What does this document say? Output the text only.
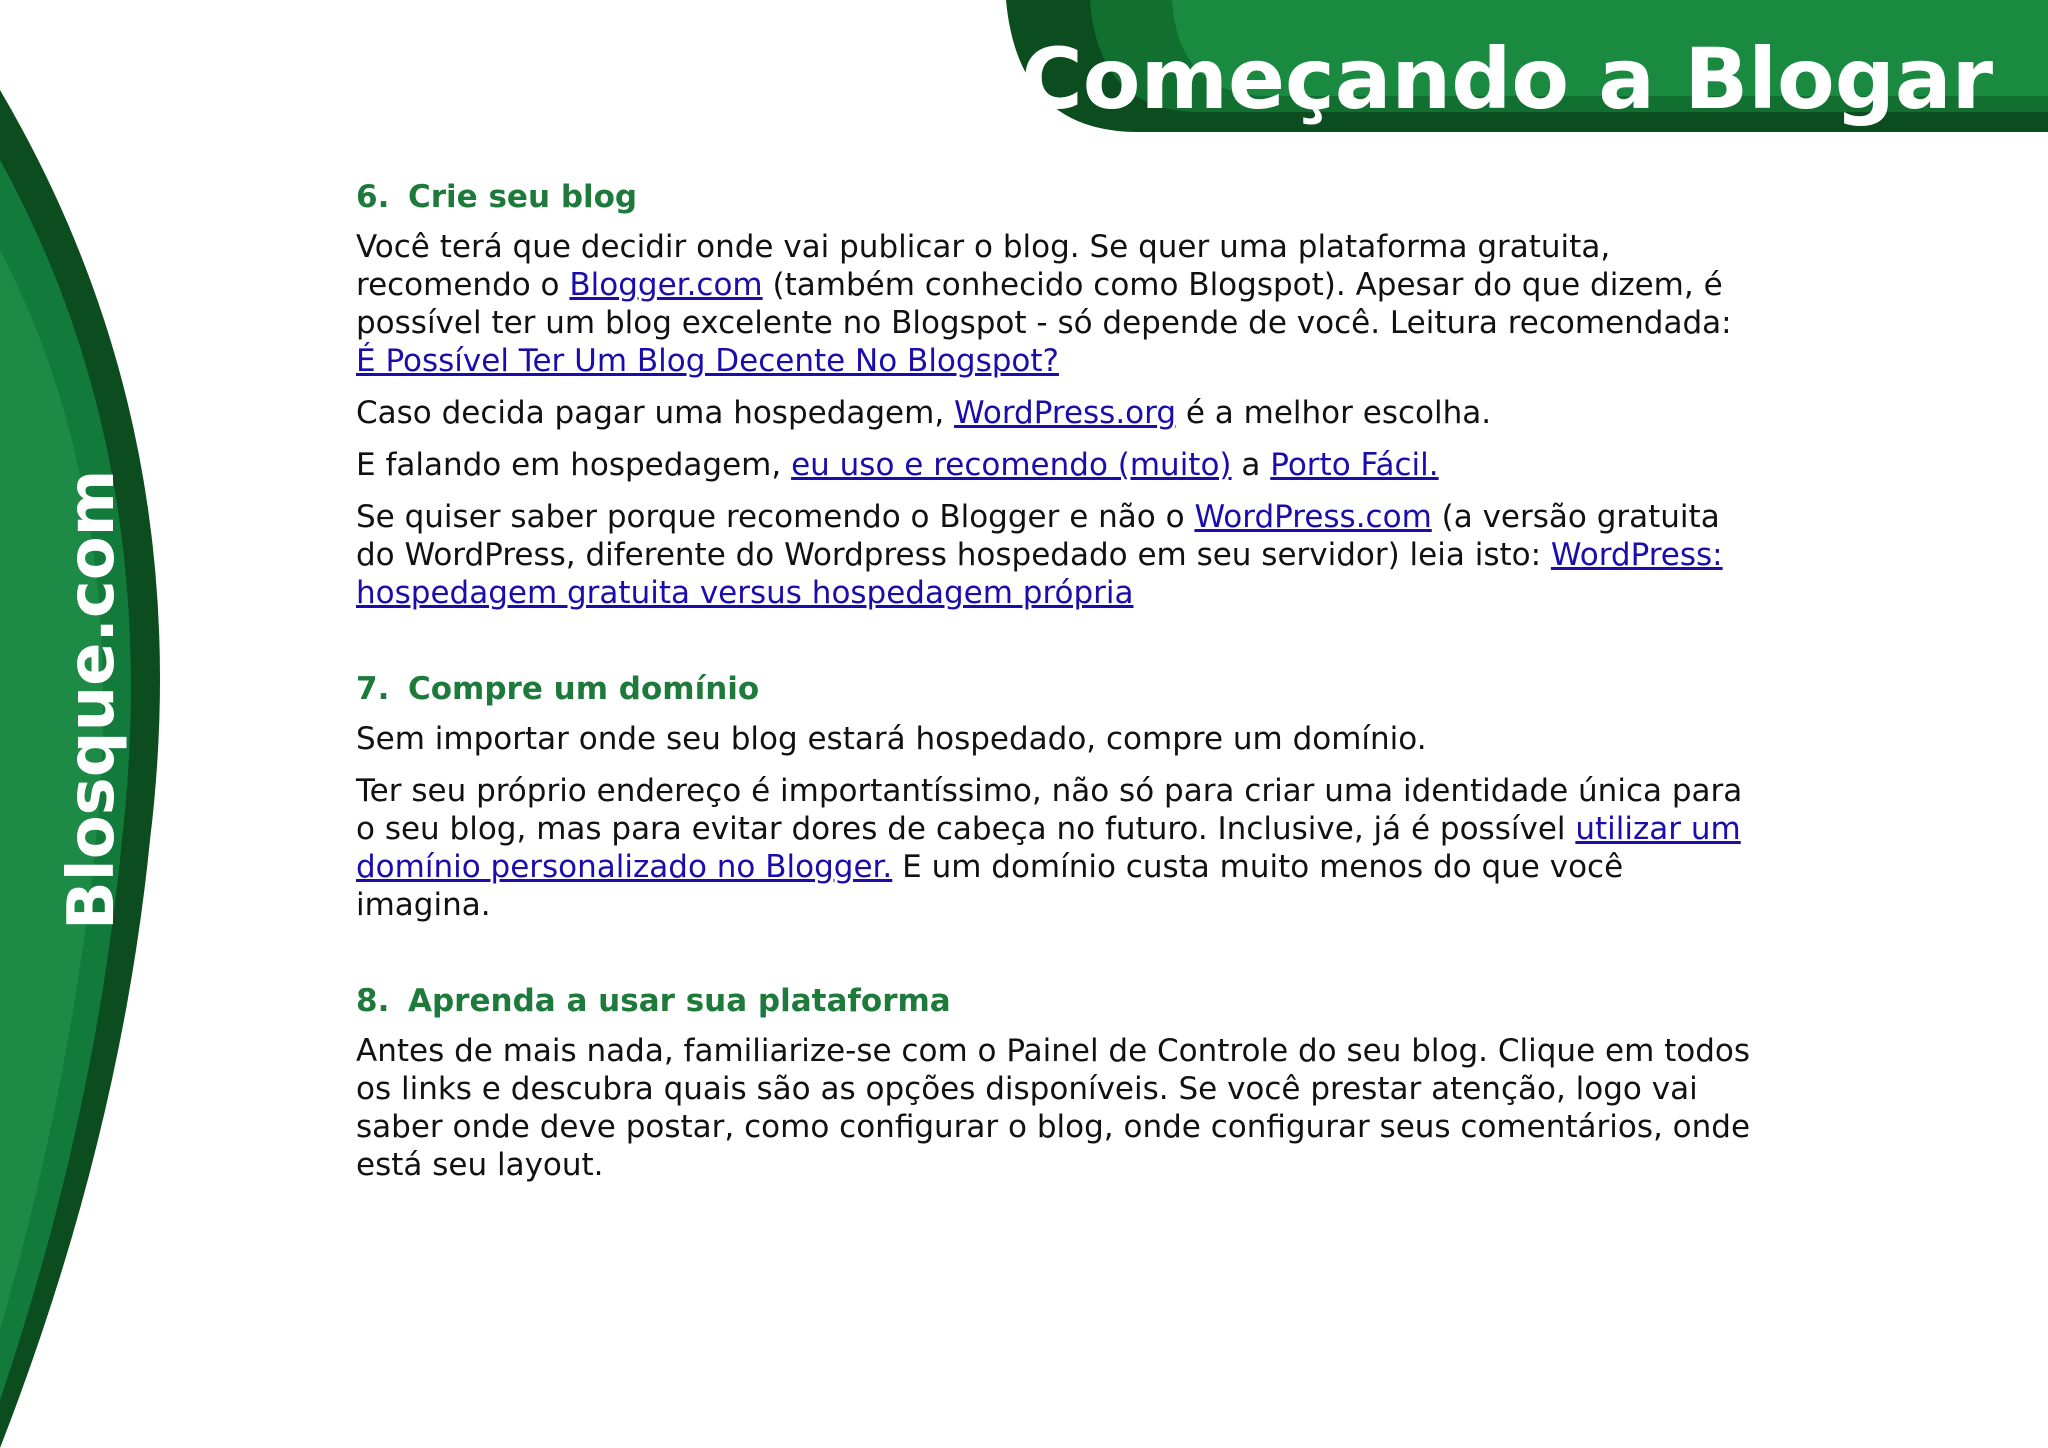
Começando a Blogar
Blosque.com
6. Crie seu blog

Você terá que decidir onde vai publicar o blog. Se quer uma plataforma gratuita, recomendo o Blogger.com (também conhecido como Blogspot). Apesar do que dizem, é possível ter um blog excelente no Blogspot - só depende de você. Leitura recomendada: É Possível Ter Um Blog Decente No Blogspot?

Caso decida pagar uma hospedagem, WordPress.org é a melhor escolha.

E falando em hospedagem, eu uso e recomendo (muito) a Porto Fácil.

Se quiser saber porque recomendo o Blogger e não o WordPress.com (a versão gratuita do WordPress, diferente do Wordpress hospedado em seu servidor) leia isto: WordPress: hospedagem gratuita versus hospedagem própria

7. Compre um domínio

Sem importar onde seu blog estará hospedado, compre um domínio.

Ter seu próprio endereço é importantíssimo, não só para criar uma identidade única para o seu blog, mas para evitar dores de cabeça no futuro. Inclusive, já é possível utilizar um domínio personalizado no Blogger. E um domínio custa muito menos do que você imagina.

8. Aprenda a usar sua plataforma

Antes de mais nada, familiarize-se com o Painel de Controle do seu blog. Clique em todos os links e descubra quais são as opções disponíveis. Se você prestar atenção, logo vai saber onde deve postar, como configurar o blog, onde configurar seus comentários, onde está seu layout.
